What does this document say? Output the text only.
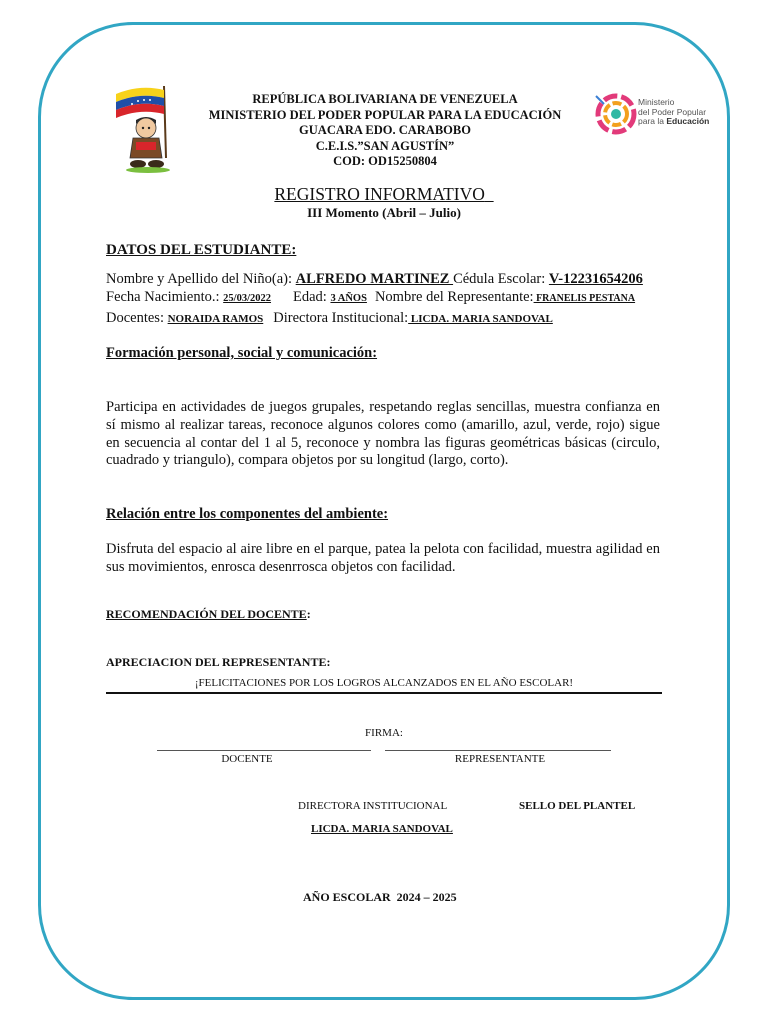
REPÚBLICA BOLIVARIANA DE VENEZUELA
MINISTERIO DEL PODER POPULAR PARA LA EDUCACIÓN
GUACARA EDO. CARABOBO
C.E.I.S.”SAN AGUSTÍN”
COD: OD15250804
Ministerio
del Poder Popular
para la Educación
REGISTRO INFORMATIVO
III Momento (Abril – Julio)
DATOS DEL ESTUDIANTE:
Nombre y Apellido del Niño(a): ALFREDO MARTINEZ Cédula Escolar: V-12231654206
Fecha Nacimiento.: 25/03/2022 Edad: 3 AÑOS Nombre del Representante: FRANELIS PESTANA
Docentes: NORAIDA RAMOS Directora Institucional: LICDA. MARIA SANDOVAL
Formación personal, social y comunicación:
Participa en actividades de juegos grupales, respetando reglas sencillas, muestra confianza en sí mismo al realizar tareas, reconoce algunos colores como (amarillo, azul, verde, rojo) sigue en secuencia al contar del 1 al 5, reconoce y nombra las figuras geométricas básicas (circulo, cuadrado y triangulo), compara objetos por su longitud (largo, corto).
Relación entre los componentes del ambiente:
Disfruta del espacio al aire libre en el parque, patea la pelota con facilidad, muestra agilidad en sus movimientos, enrosca desenrrosca objetos con facilidad.
RECOMENDACIÓN DEL DOCENTE:
APRECIACION DEL REPRESENTANTE:
¡FELICITACIONES POR LOS LOGROS ALCANZADOS EN EL AÑO ESCOLAR!
FIRMA:
DOCENTE	REPRESENTANTE
DIRECTORA INSTITUCIONAL	SELLO DEL PLANTEL
LICDA. MARIA SANDOVAL
AÑO ESCOLAR  2024 – 2025
